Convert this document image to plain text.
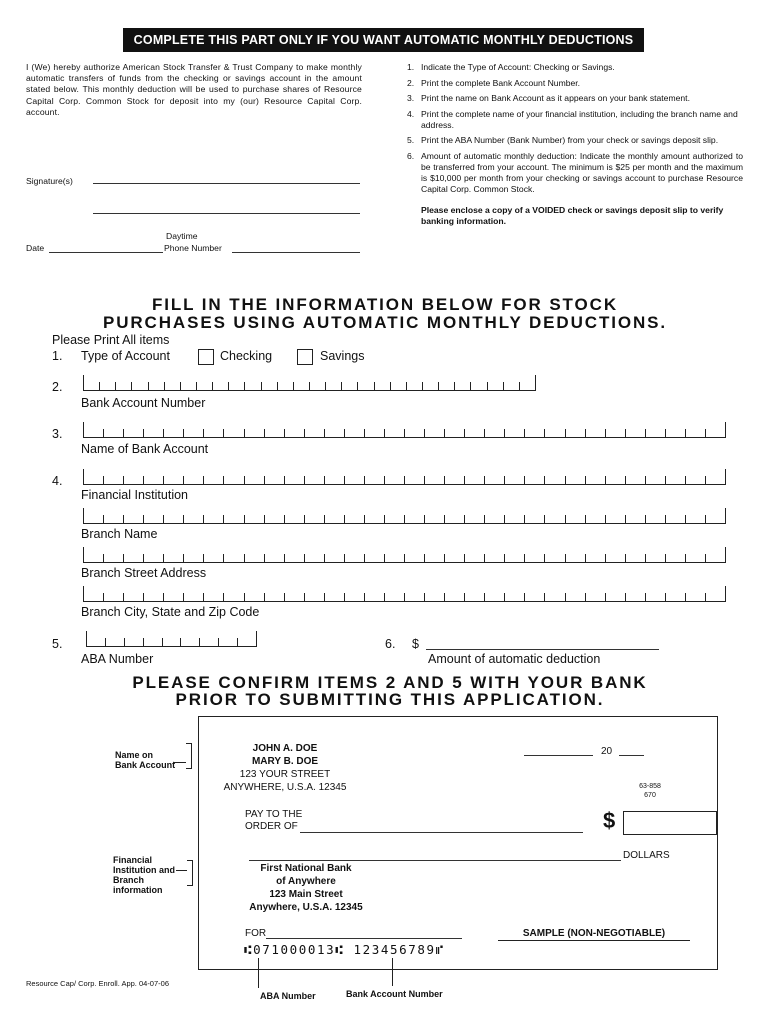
COMPLETE THIS PART ONLY IF YOU WANT AUTOMATIC MONTHLY DEDUCTIONS
I (We) hereby authorize American Stock Transfer & Trust Company to make monthly automatic transfers of funds from the checking or savings account in the amount stated below. This monthly deduction will be used to purchase shares of Resource Capital Corp. Common Stock for deposit into my (our) Resource Capital Corp. account.
Signature(s)
Daytime
Date	Phone Number
1. Indicate the Type of Account: Checking or Savings.
2. Print the complete Bank Account Number.
3. Print the name on Bank Account as it appears on your bank statement.
4. Print the complete name of your financial institution, including the branch name and address.
5. Print the ABA Number (Bank Number) from your check or savings deposit slip.
6. Amount of automatic monthly deduction: Indicate the monthly amount authorized to be transferred from your account. The minimum is $25 per month and the maximum is $10,000 per month from your checking or savings account to purchase Resource Capital Corp. Common Stock.
Please enclose a copy of a VOIDED check or savings deposit slip to verify banking information.
FILL IN THE INFORMATION BELOW FOR STOCK
PURCHASES USING AUTOMATIC MONTHLY DEDUCTIONS.
Please Print All items
1. Type of Account	Checking	Savings
2.
Bank Account Number
3.
Name of Bank Account
4.
Financial Institution
Branch Name
Branch Street Address
Branch City, State and Zip Code
5.
ABA Number
6. $
Amount of automatic deduction
PLEASE CONFIRM ITEMS 2 AND 5 WITH YOUR BANK
PRIOR TO SUBMITTING THIS APPLICATION.
Name on Bank Account
Financial Institution and Branch information
JOHN A. DOE
MARY B. DOE
123 YOUR STREET
ANYWHERE, U.S.A. 12345
20
63-858
670
PAY TO THE
ORDER OF	$
DOLLARS
First National Bank
of Anywhere
123 Main Street
Anywhere, U.S.A. 12345
FOR	SAMPLE (NON-NEGOTIABLE)
⑆071000013⑆ 123456789⑈
ABA Number	Bank Account Number
Resource Cap/ Corp. Enroll. App. 04-07-06
